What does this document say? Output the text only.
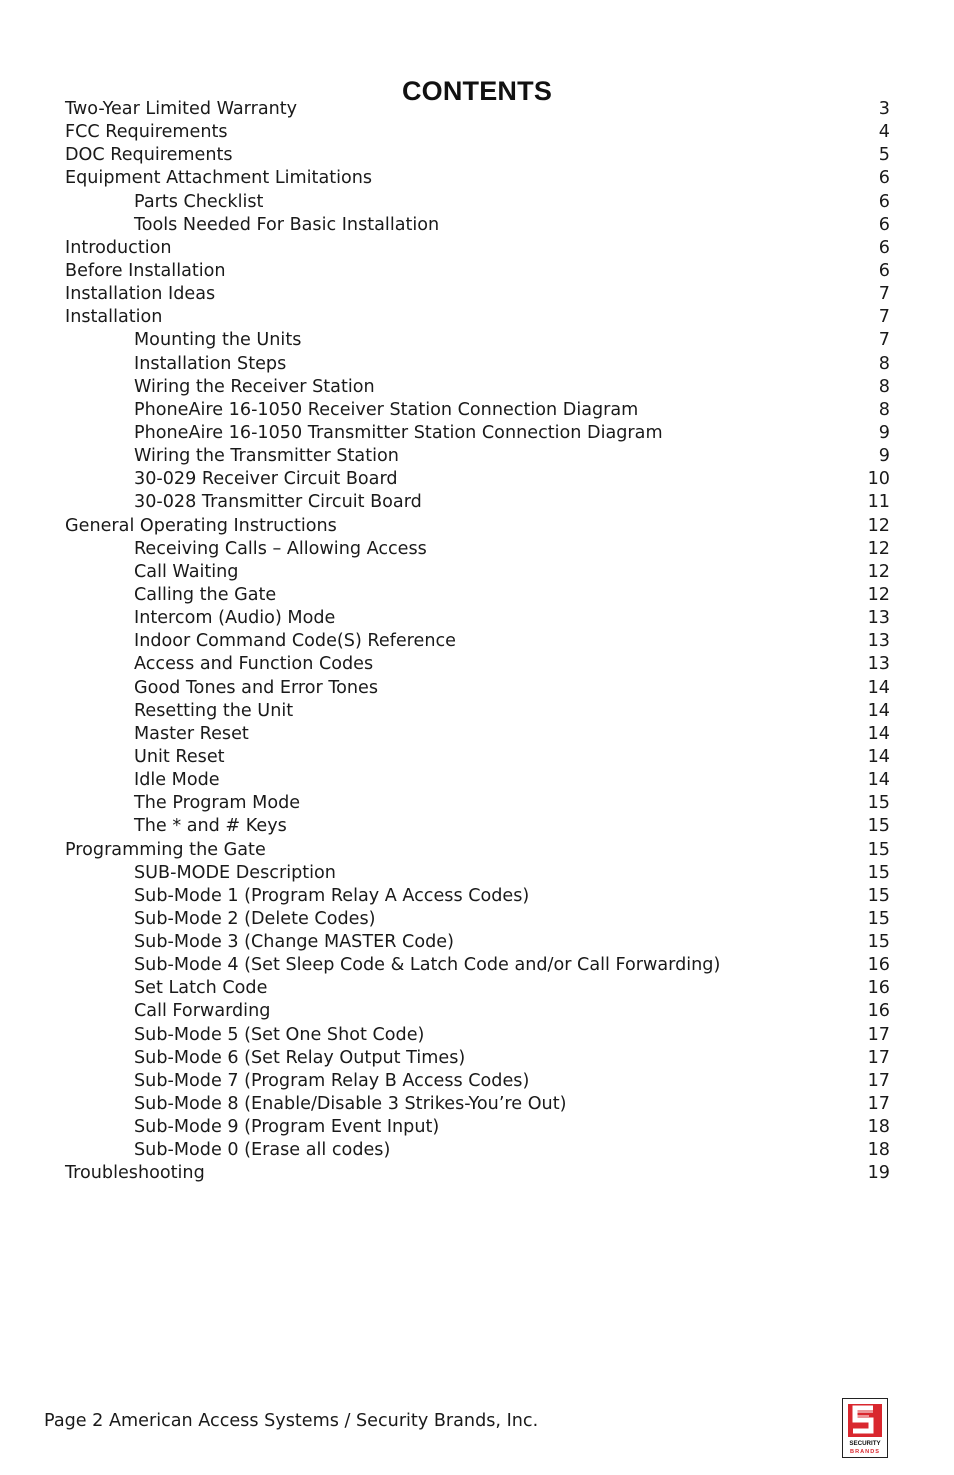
CONTENTS
Two-Year Limited Warranty	3
FCC Requirements	4
DOC Requirements	5
Equipment Attachment Limitations	6
Parts Checklist	6
Tools Needed For Basic Installation	6
Introduction	6
Before Installation	6
Installation Ideas	7
Installation	7
Mounting the Units	7
Installation Steps	8
Wiring the Receiver Station	8
PhoneAire 16-1050 Receiver Station Connection Diagram	8
PhoneAire 16-1050 Transmitter Station Connection Diagram	9
Wiring the Transmitter Station	9
30-029 Receiver Circuit Board	10
30-028 Transmitter Circuit Board	11
General Operating Instructions	12
Receiving Calls – Allowing Access	12
Call Waiting	12
Calling the Gate	12
Intercom (Audio) Mode	13
Indoor Command Code(S) Reference	13
Access and Function Codes	13
Good Tones and Error Tones	14
Resetting the Unit	14
Master Reset	14
Unit Reset	14
Idle Mode	14
The Program Mode	15
The * and # Keys	15
Programming the Gate	15
SUB-MODE Description	15
Sub-Mode 1 (Program Relay A Access Codes)	15
Sub-Mode 2 (Delete Codes)	15
Sub-Mode 3 (Change MASTER Code)	15
Sub-Mode 4 (Set Sleep Code & Latch Code and/or Call Forwarding)	16
Set Latch Code	16
Call Forwarding	16
Sub-Mode 5 (Set One Shot Code)	17
Sub-Mode 6 (Set Relay Output Times)	17
Sub-Mode 7 (Program Relay B Access Codes)	17
Sub-Mode 8 (Enable/Disable 3 Strikes-You’re Out)	17
Sub-Mode 9 (Program Event Input)	18
Sub-Mode 0 (Erase all codes)	18
Troubleshooting	19
Page 2 American Access Systems / Security Brands, Inc.
SECURITY
BRANDS
